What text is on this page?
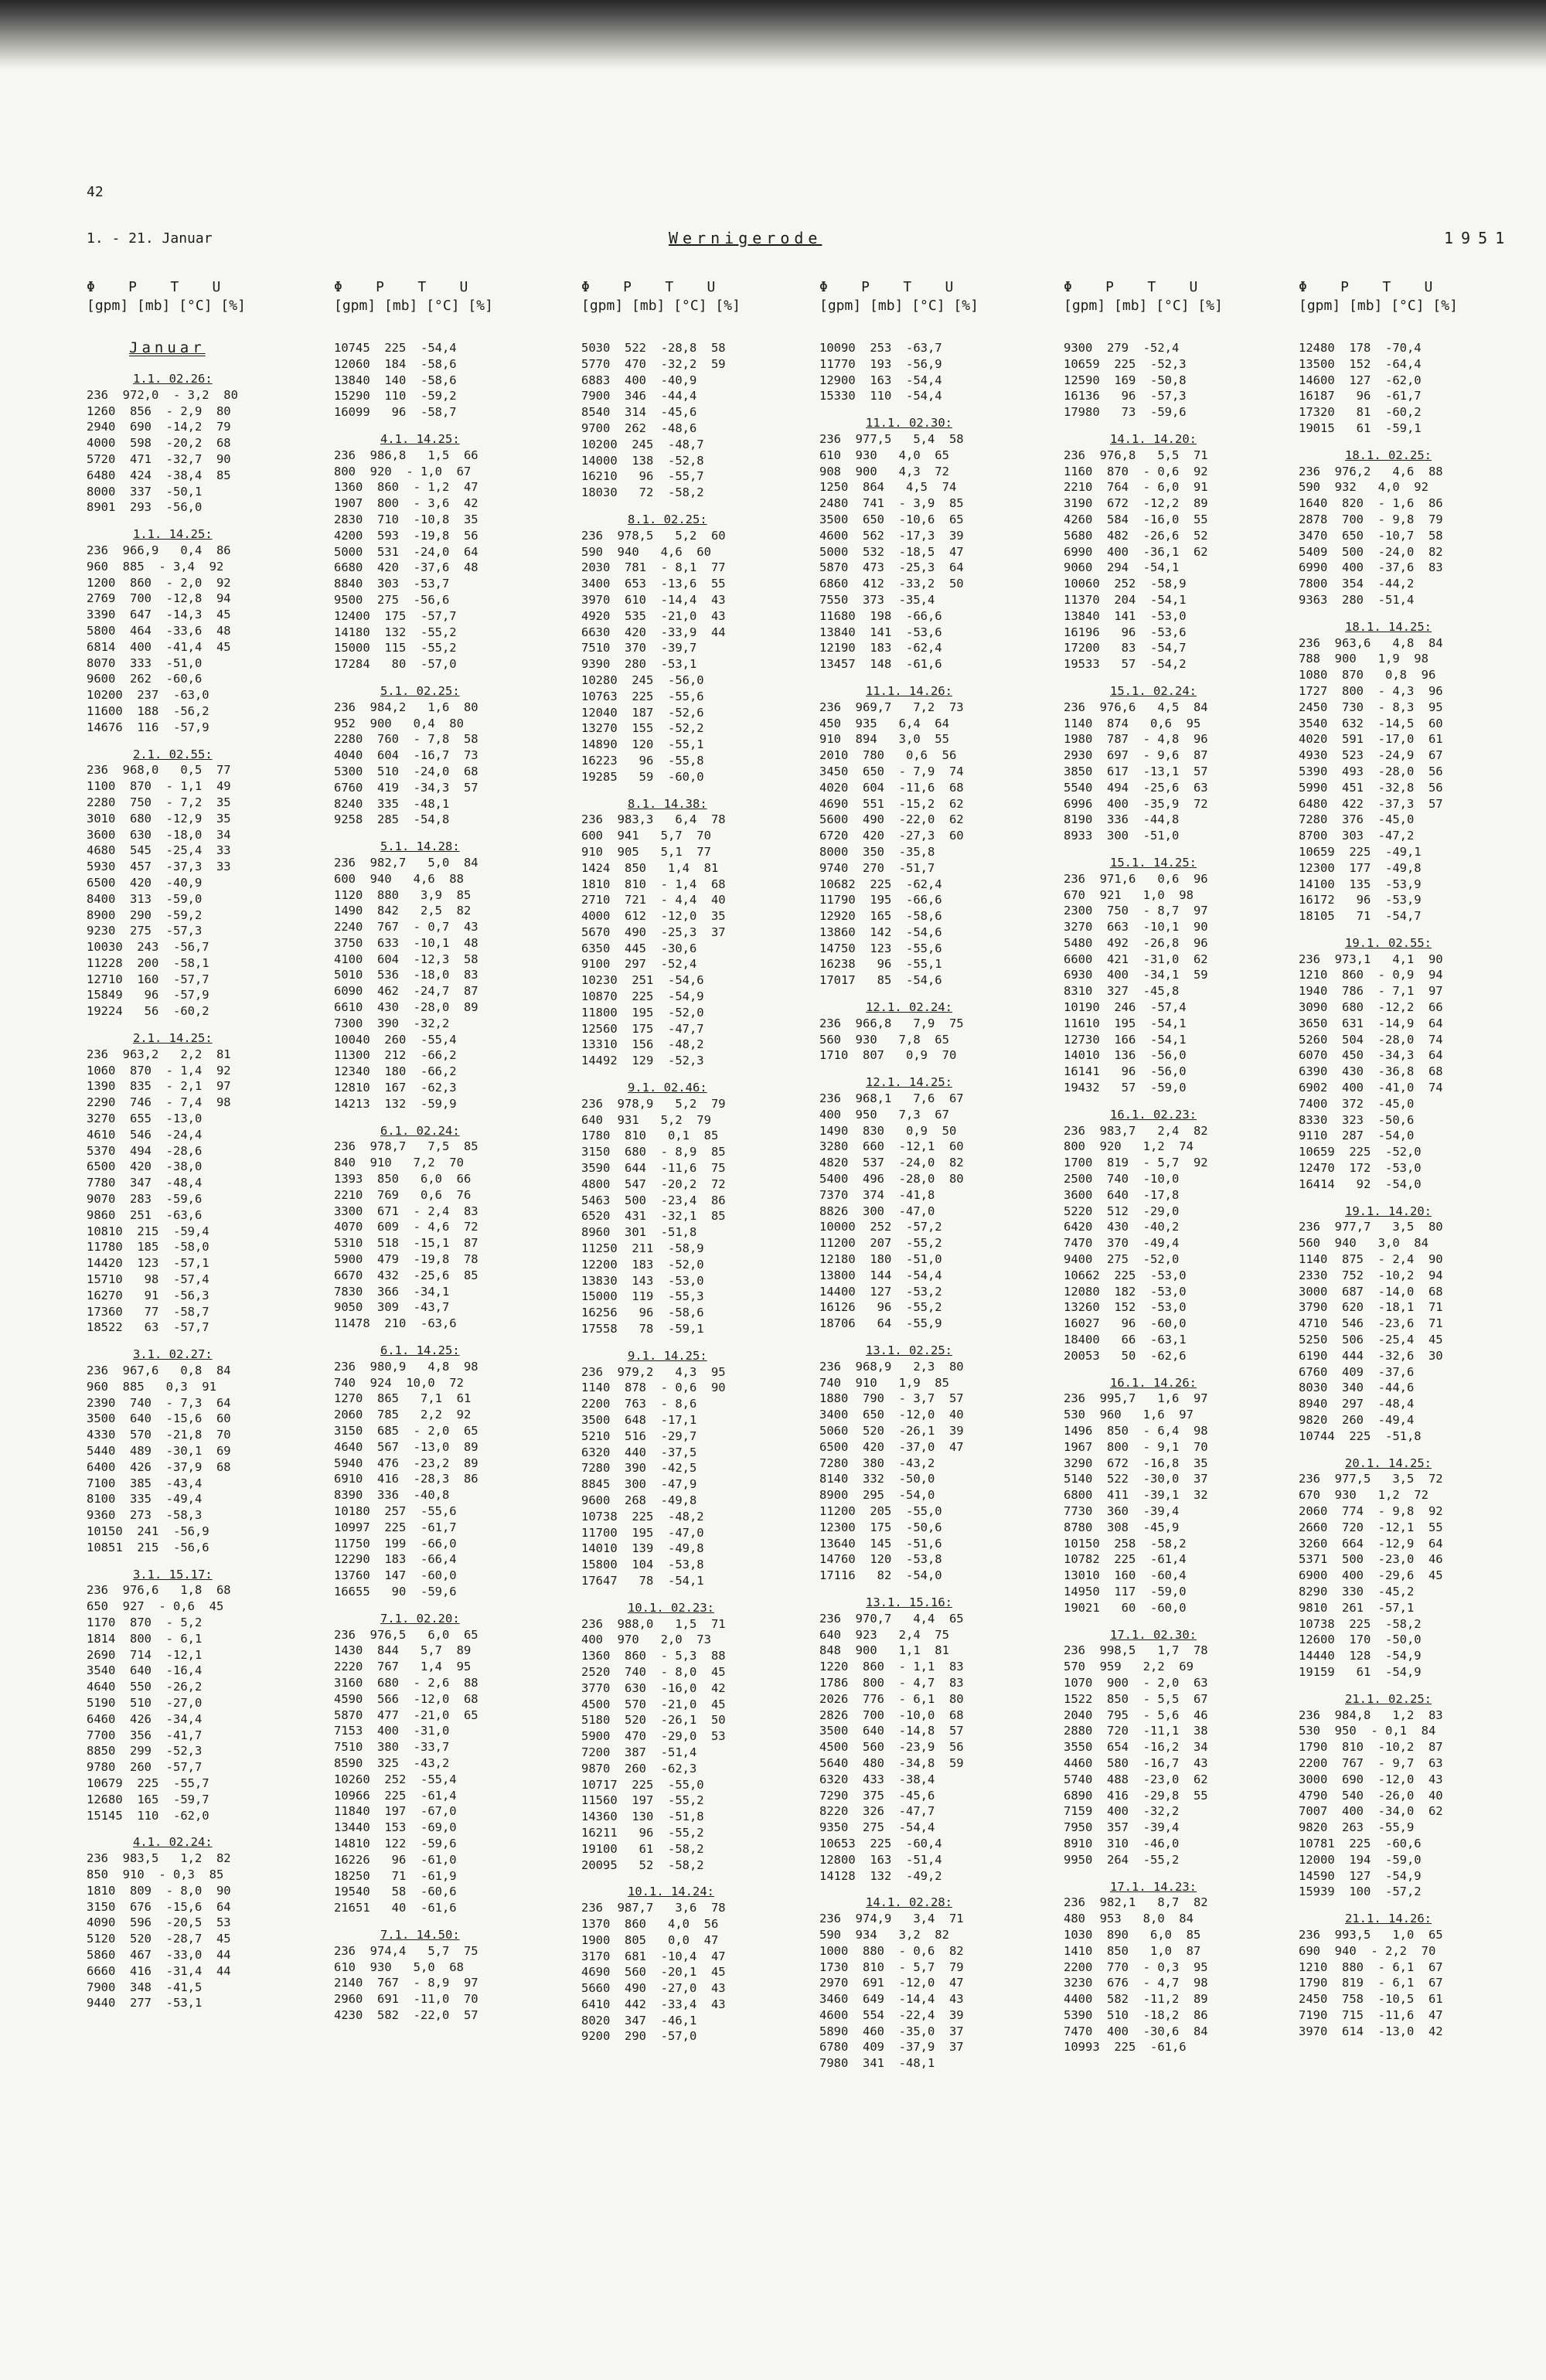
42
1. - 21. Januar	Wernigerode	1951
Φ    P    T    U
[gpm] [mb] [°C] [%]
Φ    P    T    U
[gpm] [mb] [°C] [%]
Φ    P    T    U
[gpm] [mb] [°C] [%]
Φ    P    T    U
[gpm] [mb] [°C] [%]
Φ    P    T    U
[gpm] [mb] [°C] [%]
Φ    P    T    U
[gpm] [mb] [°C] [%]
Januar
1.1. 02.26:
236  972,0  - 3,2  80
1260  856  - 2,9  80
2940  690  -14,2  79
4000  598  -20,2  68
5720  471  -32,7  90
6480  424  -38,4  85
8000  337  -50,1
8901  293  -56,0
1.1. 14.25:
236  966,9   0,4  86
960  885  - 3,4  92
1200  860  - 2,0  92
2769  700  -12,8  94
3390  647  -14,3  45
5800  464  -33,6  48
6814  400  -41,4  45
8070  333  -51,0
9600  262  -60,6
10200  237  -63,0
11600  188  -56,2
14676  116  -57,9
2.1. 02.55:
236  968,0   0,5  77
1100  870  - 1,1  49
2280  750  - 7,2  35
3010  680  -12,9  35
3600  630  -18,0  34
4680  545  -25,4  33
5930  457  -37,3  33
6500  420  -40,9
8400  313  -59,0
8900  290  -59,2
9230  275  -57,3
10030  243  -56,7
11228  200  -58,1
12710  160  -57,7
15849   96  -57,9
19224   56  -60,2
2.1. 14.25:
236  963,2   2,2  81
1060  870  - 1,4  92
1390  835  - 2,1  97
2290  746  - 7,4  98
3270  655  -13,0
4610  546  -24,4
5370  494  -28,6
6500  420  -38,0
7780  347  -48,4
9070  283  -59,6
9860  251  -63,6
10810  215  -59,4
11780  185  -58,0
14420  123  -57,1
15710   98  -57,4
16270   91  -56,3
17360   77  -58,7
18522   63  -57,7
3.1. 02.27:
236  967,6   0,8  84
960  885   0,3  91
2390  740  - 7,3  64
3500  640  -15,6  60
4330  570  -21,8  70
5440  489  -30,1  69
6400  426  -37,9  68
7100  385  -43,4
8100  335  -49,4
9360  273  -58,3
10150  241  -56,9
10851  215  -56,6
3.1. 15.17:
236  976,6   1,8  68
650  927  - 0,6  45
1170  870  - 5,2
1814  800  - 6,1
2690  714  -12,1
3540  640  -16,4
4640  550  -26,2
5190  510  -27,0
6460  426  -34,4
7700  356  -41,7
8850  299  -52,3
9780  260  -57,7
10679  225  -55,7
12680  165  -59,7
15145  110  -62,0
4.1. 02.24:
236  983,5   1,2  82
850  910  - 0,3  85
1810  809  - 8,0  90
3150  676  -15,6  64
4090  596  -20,5  53
5120  520  -28,7  45
5860  467  -33,0  44
6660  416  -31,4  44
7900  348  -41,5
9440  277  -53,1
10745  225  -54,4
12060  184  -58,6
13840  140  -58,6
15290  110  -59,2
16099   96  -58,7
4.1. 14.25:
236  986,8   1,5  66
800  920  - 1,0  67
1360  860  - 1,2  47
1907  800  - 3,6  42
2830  710  -10,8  35
4200  593  -19,8  56
5000  531  -24,0  64
6680  420  -37,6  48
8840  303  -53,7
9500  275  -56,6
12400  175  -57,7
14180  132  -55,2
15000  115  -55,2
17284   80  -57,0
5.1. 02.25:
236  984,2   1,6  80
952  900   0,4  80
2280  760  - 7,8  58
4040  604  -16,7  73
5300  510  -24,0  68
6760  419  -34,3  57
8240  335  -48,1
9258  285  -54,8
5.1. 14.28:
236  982,7   5,0  84
600  940   4,6  88
1120  880   3,9  85
1490  842   2,5  82
2240  767  - 0,7  43
3750  633  -10,1  48
4100  604  -12,3  58
5010  536  -18,0  83
6090  462  -24,7  87
6610  430  -28,0  89
7300  390  -32,2
10040  260  -55,4
11300  212  -66,2
12340  180  -66,2
12810  167  -62,3
14213  132  -59,9
6.1. 02.24:
236  978,7   7,5  85
840  910   7,2  70
1393  850   6,0  66
2210  769   0,6  76
3300  671  - 2,4  83
4070  609  - 4,6  72
5310  518  -15,1  87
5900  479  -19,8  78
6670  432  -25,6  85
7830  366  -34,1
9050  309  -43,7
11478  210  -63,6
6.1. 14.25:
236  980,9   4,8  98
740  924  10,0  72
1270  865   7,1  61
2060  785   2,2  92
3150  685  - 2,0  65
4640  567  -13,0  89
5940  476  -23,2  89
6910  416  -28,3  86
8390  336  -40,8
10180  257  -55,6
10997  225  -61,7
11750  199  -66,0
12290  183  -66,4
13760  147  -60,0
16655   90  -59,6
7.1. 02.20:
236  976,5   6,0  65
1430  844   5,7  89
2220  767   1,4  95
3160  680  - 2,6  88
4590  566  -12,0  68
5870  477  -21,0  65
7153  400  -31,0
7510  380  -33,7
8590  325  -43,2
10260  252  -55,4
10966  225  -61,4
11840  197  -67,0
13440  153  -69,0
14810  122  -59,6
16226   96  -61,0
18250   71  -61,9
19540   58  -60,6
21651   40  -61,6
7.1. 14.50:
236  974,4   5,7  75
610  930   5,0  68
2140  767  - 8,9  97
2960  691  -11,0  70
4230  582  -22,0  57
5030  522  -28,8  58
5770  470  -32,2  59
6883  400  -40,9
7900  346  -44,4
8540  314  -45,6
9700  262  -48,6
10200  245  -48,7
14000  138  -52,8
16210   96  -55,7
18030   72  -58,2
8.1. 02.25:
236  978,5   5,2  60
590  940   4,6  60
2030  781  - 8,1  77
3400  653  -13,6  55
3970  610  -14,4  43
4920  535  -21,0  43
6630  420  -33,9  44
7510  370  -39,7
9390  280  -53,1
10280  245  -56,0
10763  225  -55,6
12040  187  -52,6
13270  155  -52,2
14890  120  -55,1
16223   96  -55,8
19285   59  -60,0
8.1. 14.38:
236  983,3   6,4  78
600  941   5,7  70
910  905   5,1  77
1424  850   1,4  81
1810  810  - 1,4  68
2710  721  - 4,4  40
4000  612  -12,0  35
5670  490  -25,3  37
6350  445  -30,6
9100  297  -52,4
10230  251  -54,6
10870  225  -54,9
11800  195  -52,0
12560  175  -47,7
13310  156  -48,2
14492  129  -52,3
9.1. 02.46:
236  978,9   5,2  79
640  931   5,2  79
1780  810   0,1  85
3150  680  - 8,9  85
3590  644  -11,6  75
4800  547  -20,2  72
5463  500  -23,4  86
6520  431  -32,1  85
8960  301  -51,8
11250  211  -58,9
12200  183  -52,0
13830  143  -53,0
15000  119  -55,3
16256   96  -58,6
17558   78  -59,1
9.1. 14.25:
236  979,2   4,3  95
1140  878  - 0,6  90
2200  763  - 8,6
3500  648  -17,1
5210  516  -29,7
6320  440  -37,5
7280  390  -42,5
8845  300  -47,9
9600  268  -49,8
10738  225  -48,2
11700  195  -47,0
14010  139  -49,8
15800  104  -53,8
17647   78  -54,1
10.1. 02.23:
236  988,0   1,5  71
400  970   2,0  73
1360  860  - 5,3  88
2520  740  - 8,0  45
3770  630  -16,0  42
4500  570  -21,0  45
5180  520  -26,1  50
5900  470  -29,0  53
7200  387  -51,4
9870  260  -62,3
10717  225  -55,0
11560  197  -55,2
14360  130  -51,8
16211   96  -55,2
19100   61  -58,2
20095   52  -58,2
10.1. 14.24:
236  987,7   3,6  78
1370  860   4,0  56
1900  805   0,0  47
3170  681  -10,4  47
4690  560  -20,1  45
5660  490  -27,0  43
6410  442  -33,4  43
8020  347  -46,1
9200  290  -57,0
10090  253  -63,7
11770  193  -56,9
12900  163  -54,4
15330  110  -54,4
11.1. 02.30:
236  977,5   5,4  58
610  930   4,0  65
908  900   4,3  72
1250  864   4,5  74
2480  741  - 3,9  85
3500  650  -10,6  65
4600  562  -17,3  39
5000  532  -18,5  47
5870  473  -25,3  64
6860  412  -33,2  50
7550  373  -35,4
11680  198  -66,6
13840  141  -53,6
12190  183  -62,4
13457  148  -61,6
11.1. 14.26:
236  969,7   7,2  73
450  935   6,4  64
910  894   3,0  55
2010  780   0,6  56
3450  650  - 7,9  74
4020  604  -11,6  68
4690  551  -15,2  62
5600  490  -22,0  62
6720  420  -27,3  60
8000  350  -35,8
9740  270  -51,7
10682  225  -62,4
11790  195  -66,6
12920  165  -58,6
13860  142  -54,6
14750  123  -55,6
16238   96  -55,1
17017   85  -54,6
12.1. 02.24:
236  966,8   7,9  75
560  930   7,8  65
1710  807   0,9  70
12.1. 14.25:
236  968,1   7,6  67
400  950   7,3  67
1490  830   0,9  50
3280  660  -12,1  60
4820  537  -24,0  82
5400  496  -28,0  80
7370  374  -41,8
8826  300  -47,0
10000  252  -57,2
11200  207  -55,2
12180  180  -51,0
13800  144  -54,4
14400  127  -53,2
16126   96  -55,2
18706   64  -55,9
13.1. 02.25:
236  968,9   2,3  80
740  910   1,9  85
1880  790  - 3,7  57
3400  650  -12,0  40
5060  520  -26,1  39
6500  420  -37,0  47
7280  380  -43,2
8140  332  -50,0
8900  295  -54,0
11200  205  -55,0
12300  175  -50,6
13640  145  -51,6
14760  120  -53,8
17116   82  -54,0
13.1. 15.16:
236  970,7   4,4  65
640  923   2,4  75
848  900   1,1  81
1220  860  - 1,1  83
1786  800  - 4,7  83
2026  776  - 6,1  80
2826  700  -10,0  68
3500  640  -14,8  57
4500  560  -23,9  56
5640  480  -34,8  59
6320  433  -38,4
7290  375  -45,6
8220  326  -47,7
9350  275  -54,4
10653  225  -60,4
12800  163  -51,4
14128  132  -49,2
14.1. 02.28:
236  974,9   3,4  71
590  934   3,2  82
1000  880  - 0,6  82
1730  810  - 5,7  79
2970  691  -12,0  47
3460  649  -14,4  43
4600  554  -22,4  39
5890  460  -35,0  37
6780  409  -37,9  37
7980  341  -48,1
9300  279  -52,4
10659  225  -52,3
12590  169  -50,8
16136   96  -57,3
17980   73  -59,6
14.1. 14.20:
236  976,8   5,5  71
1160  870  - 0,6  92
2210  764  - 6,0  91
3190  672  -12,2  89
4260  584  -16,0  55
5680  482  -26,6  52
6990  400  -36,1  62
9060  294  -54,1
10060  252  -58,9
11370  204  -54,1
13840  141  -53,0
16196   96  -53,6
17200   83  -54,7
19533   57  -54,2
15.1. 02.24:
236  976,6   4,5  84
1140  874   0,6  95
1980  787  - 4,8  96
2930  697  - 9,6  87
3850  617  -13,1  57
5540  494  -25,6  63
6996  400  -35,9  72
8190  336  -44,8
8933  300  -51,0
15.1. 14.25:
236  971,6   0,6  96
670  921   1,0  98
2300  750  - 8,7  97
3270  663  -10,1  90
5480  492  -26,8  96
6600  421  -31,0  62
6930  400  -34,1  59
8310  327  -45,8
10190  246  -57,4
11610  195  -54,1
12730  166  -54,1
14010  136  -56,0
16141   96  -56,0
19432   57  -59,0
16.1. 02.23:
236  983,7   2,4  82
800  920   1,2  74
1700  819  - 5,7  92
2500  740  -10,0
3600  640  -17,8
5220  512  -29,0
6420  430  -40,2
7470  370  -49,4
9400  275  -52,0
10662  225  -53,0
12080  182  -53,0
13260  152  -53,0
16027   96  -60,0
18400   66  -63,1
20053   50  -62,6
16.1. 14.26:
236  995,7   1,6  97
530  960   1,6  97
1496  850  - 6,4  98
1967  800  - 9,1  70
3290  672  -16,8  35
5140  522  -30,0  37
6800  411  -39,1  32
7730  360  -39,4
8780  308  -45,9
10150  258  -58,2
10782  225  -61,4
13010  160  -60,4
14950  117  -59,0
19021   60  -60,0
17.1. 02.30:
236  998,5   1,7  78
570  959   2,2  69
1070  900  - 2,0  63
1522  850  - 5,5  67
2040  795  - 5,6  46
2880  720  -11,1  38
3550  654  -16,2  34
4460  580  -16,7  43
5740  488  -23,0  62
6890  416  -29,8  55
7159  400  -32,2
7950  357  -39,4
8910  310  -46,0
9950  264  -55,2
17.1. 14.23:
236  982,1   8,7  82
480  953   8,0  84
1030  890   6,0  85
1410  850   1,0  87
2200  770  - 0,3  95
3230  676  - 4,7  98
4400  582  -11,2  89
5390  510  -18,2  86
7470  400  -30,6  84
10993  225  -61,6
12480  178  -70,4
13500  152  -64,4
14600  127  -62,0
16187   96  -61,7
17320   81  -60,2
19015   61  -59,1
18.1. 02.25:
236  976,2   4,6  88
590  932   4,0  92
1640  820  - 1,6  86
2878  700  - 9,8  79
3470  650  -10,7  58
5409  500  -24,0  82
6990  400  -37,6  83
7800  354  -44,2
9363  280  -51,4
18.1. 14.25:
236  963,6   4,8  84
788  900   1,9  98
1080  870   0,8  96
1727  800  - 4,3  96
2450  730  - 8,3  95
3540  632  -14,5  60
4020  591  -17,0  61
4930  523  -24,9  67
5390  493  -28,0  56
5990  451  -32,8  56
6480  422  -37,3  57
7280  376  -45,0
8700  303  -47,2
10659  225  -49,1
12300  177  -49,8
14100  135  -53,9
16172   96  -53,9
18105   71  -54,7
19.1. 02.55:
236  973,1   4,1  90
1210  860  - 0,9  94
1940  786  - 7,1  97
3090  680  -12,2  66
3650  631  -14,9  64
5260  504  -28,0  74
6070  450  -34,3  64
6390  430  -36,8  68
6902  400  -41,0  74
7400  372  -45,0
8330  323  -50,6
9110  287  -54,0
10659  225  -52,0
12470  172  -53,0
16414   92  -54,0
19.1. 14.20:
236  977,7   3,5  80
560  940   3,0  84
1140  875  - 2,4  90
2330  752  -10,2  94
3000  687  -14,0  68
3790  620  -18,1  71
4710  546  -23,6  71
5250  506  -25,4  45
6190  444  -32,6  30
6760  409  -37,6
8030  340  -44,6
8940  297  -48,4
9820  260  -49,4
10744  225  -51,8
20.1. 14.25:
236  977,5   3,5  72
670  930   1,2  72
2060  774  - 9,8  92
2660  720  -12,1  55
3260  664  -12,9  64
5371  500  -23,0  46
6900  400  -29,6  45
8290  330  -45,2
9810  261  -57,1
10738  225  -58,2
12600  170  -50,0
14440  128  -54,9
19159   61  -54,9
21.1. 02.25:
236  984,8   1,2  83
530  950  - 0,1  84
1790  810  -10,2  87
2200  767  - 9,7  63
3000  690  -12,0  43
4790  540  -26,0  40
7007  400  -34,0  62
9820  263  -55,9
10781  225  -60,6
12000  194  -59,0
14590  127  -54,9
15939  100  -57,2
21.1. 14.26:
236  993,5   1,0  65
690  940  - 2,2  70
1210  880  - 6,1  67
1790  819  - 6,1  67
2450  758  -10,5  61
7190  715  -11,6  47
3970  614  -13,0  42
